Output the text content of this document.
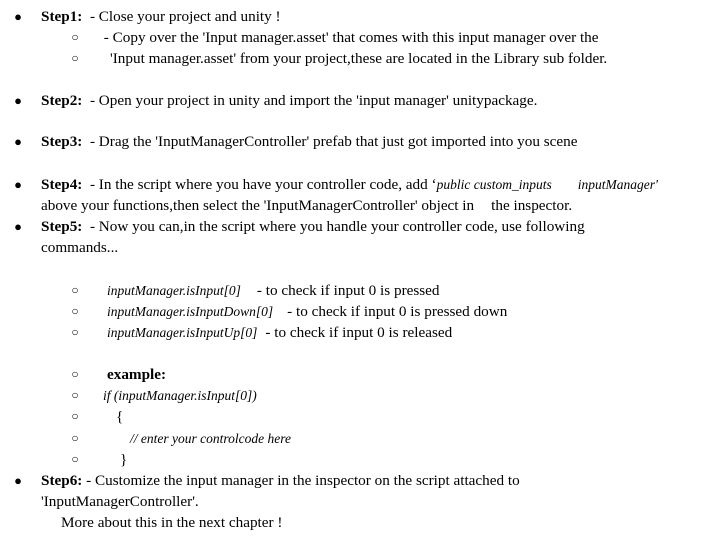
● Step1:  - Close your project and unity !
○ - Copy over the 'Input manager.asset' that comes with this input manager over the
○ 'Input manager.asset' from your project,these are located in the Library sub folder.
● Step2:  - Open your project in unity and import the 'input manager' unitypackage.
● Step3:  - Drag the 'InputManagerController' prefab that just got imported into you scene
● Step4:  - In the script where you have your controller code, add ‘public custom_inputs inputManager'
above your functions,then select the 'InputManagerController' object in the inspector.
● Step5:  - Now you can,in the script where you handle your controller code, use following
commands...
○ inputManager.isInput[0] - to check if input 0 is pressed
○ inputManager.isInputDown[0] - to check if input 0 is pressed down
○ inputManager.isInputUp[0] - to check if input 0 is released
○ example:
○ if (inputManager.isInput[0])
○ {
○	// enter your controlcode here
○	}
● Step6: - Customize the input manager in the inspector on the script attached to
'InputManagerController'.
More about this in the next chapter !
